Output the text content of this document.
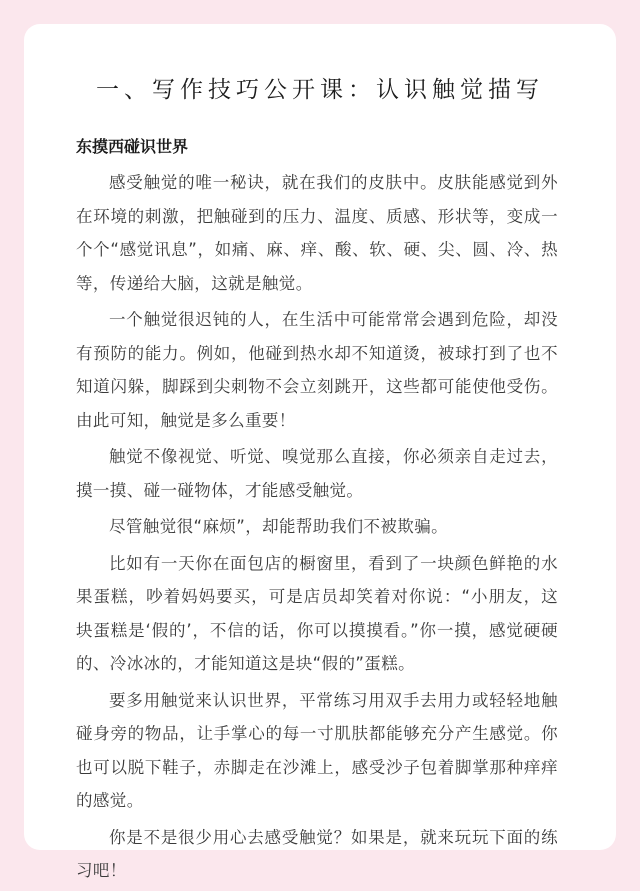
一、写作技巧公开课：认识触觉描写
东摸西碰识世界

感受触觉的唯一秘诀，就在我们的皮肤中。皮肤能感觉到外在环境的刺激，把触碰到的压力、温度、质感、形状等，变成一个个“感觉讯息”，如痛、麻、痒、酸、软、硬、尖、圆、冷、热等，传递给大脑，这就是触觉。

一个触觉很迟钝的人，在生活中可能常常会遇到危险，却没有预防的能力。例如，他碰到热水却不知道烫，被球打到了也不知道闪躲，脚踩到尖刺物不会立刻跳开，这些都可能使他受伤。由此可知，触觉是多么重要！

触觉不像视觉、听觉、嗅觉那么直接，你必须亲自走过去，摸一摸、碰一碰物体，才能感受触觉。

尽管触觉很“麻烦”，却能帮助我们不被欺骗。

比如有一天你在面包店的橱窗里，看到了一块颜色鲜艳的水果蛋糕，吵着妈妈要买，可是店员却笑着对你说：“小朋友，这块蛋糕是‘假的’，不信的话，你可以摸摸看。”你一摸，感觉硬硬的、冷冰冰的，才能知道这是块“假的”蛋糕。

要多用触觉来认识世界，平常练习用双手去用力或轻轻地触碰身旁的物品，让手掌心的每一寸肌肤都能够充分产生感觉。你也可以脱下鞋子，赤脚走在沙滩上，感受沙子包着脚掌那种痒痒的感觉。

你是不是很少用心去感受触觉？如果是，就来玩玩下面的练习吧！
